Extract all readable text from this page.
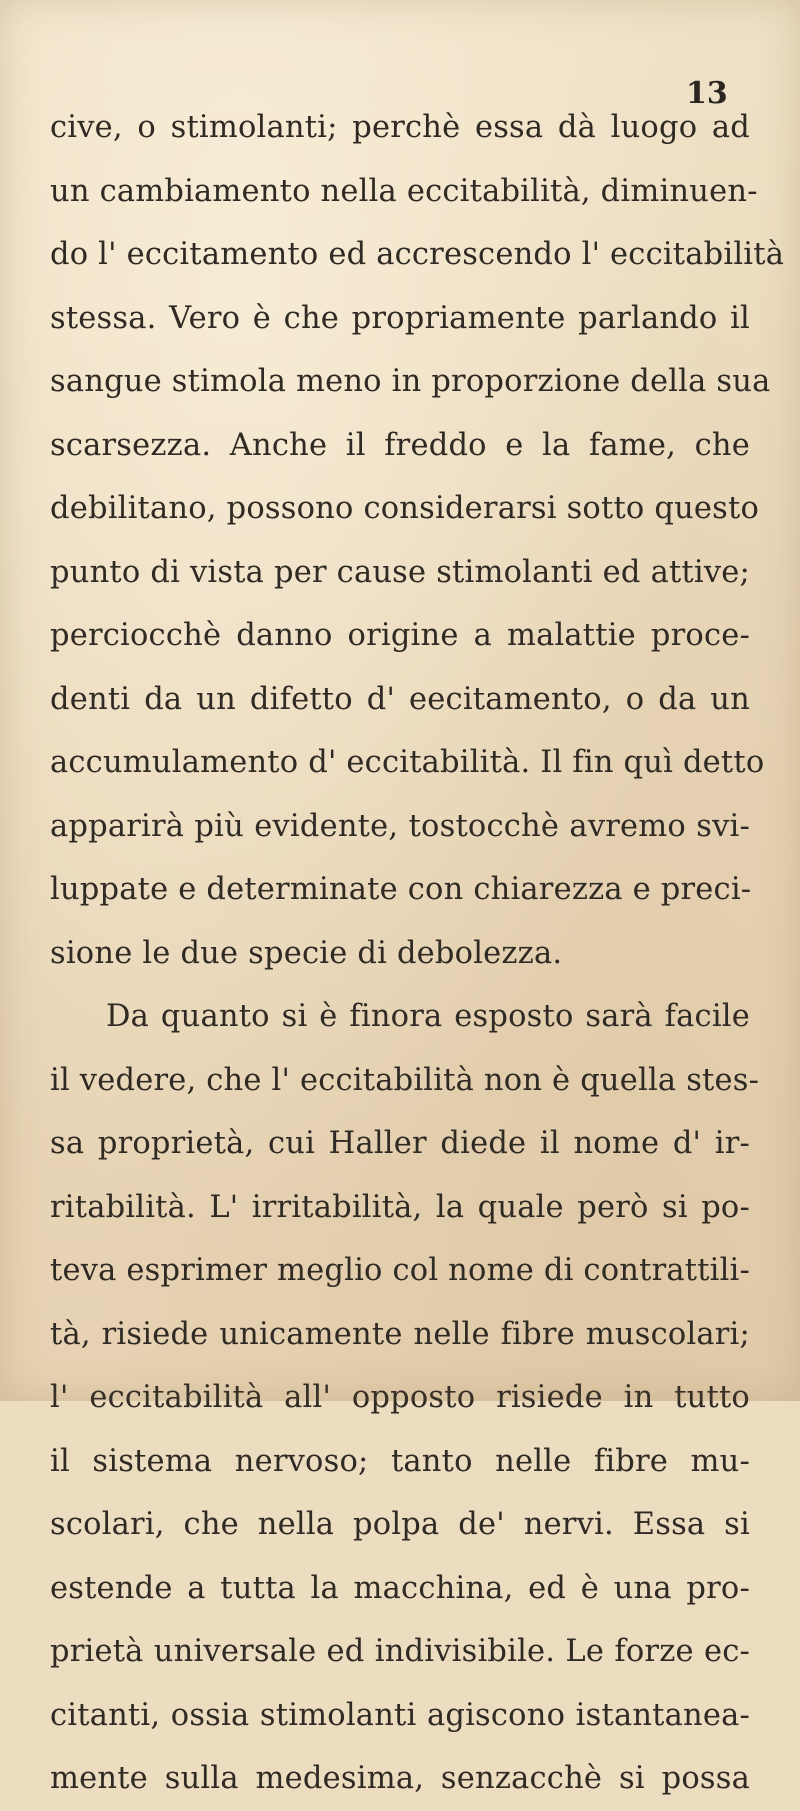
13
cive, o stimolanti; perchè essa dà luogo ad
un cambiamento nella eccitabilità, diminuen-
do l' eccitamento ed accrescendo l' eccitabilità
stessa. Vero è che propriamente parlando il
sangue stimola meno in proporzione della sua
scarsezza. Anche il freddo e la fame, che
debilitano, possono considerarsi sotto questo
punto di vista per cause stimolanti ed attive;
perciocchè danno origine a malattie proce-
denti da un difetto d' eecitamento, o da un
accumulamento d' eccitabilità. Il fin quì detto
apparirà più evidente, tostocchè avremo svi-
luppate e determinate con chiarezza e preci-
sione le due specie di debolezza.
Da quanto si è finora esposto sarà facile
il vedere, che l' eccitabilità non è quella stes-
sa proprietà, cui Haller diede il nome d' ir-
ritabilità. L' irritabilità, la quale però si po-
teva esprimer meglio col nome di contrattili-
tà, risiede unicamente nelle fibre muscolari;
l' eccitabilità all' opposto risiede in tutto
il sistema nervoso; tanto nelle fibre mu-
scolari, che nella polpa de' nervi. Essa si
estende a tutta la macchina, ed è una pro-
prietà universale ed indivisibile. Le forze ec-
citanti, ossia stimolanti agiscono istantanea-
mente sulla medesima, senzacchè si possa
